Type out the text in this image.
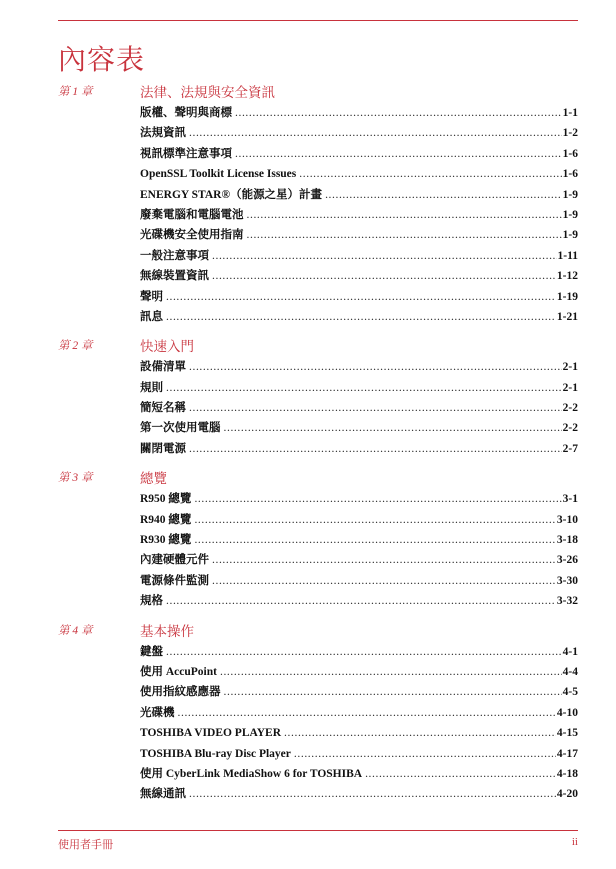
內容表
第 1 章	法律、法規與安全資訊
版權、聲明與商標 .....	1-1
法規資訊 .....	1-2
視訊標準注意事項 .....	1-6
OpenSSL Toolkit License Issues .....	1-6
ENERGY STAR®（能源之星）計畫 .....	1-9
廢棄電腦和電腦電池 .....	1-9
光碟機安全使用指南 .....	1-9
一般注意事項 .....	1-11
無線裝置資訊 .....	1-12
聲明 .....	1-19
訊息 .....	1-21
第 2 章	快速入門
設備清單 .....	2-1
規則 .....	2-1
簡短名稱 .....	2-2
第一次使用電腦 .....	2-2
關閉電源 .....	2-7
第 3 章	總覽
R950 總覽 .....	3-1
R940 總覽 .....	3-10
R930 總覽 .....	3-18
內建硬體元件 .....	3-26
電源條件監測 .....	3-30
規格 .....	3-32
第 4 章	基本操作
鍵盤 .....	4-1
使用 AccuPoint .....	4-4
使用指紋感應器 .....	4-5
光碟機 .....	4-10
TOSHIBA VIDEO PLAYER .....	4-15
TOSHIBA Blu-ray Disc Player .....	4-17
使用 CyberLink MediaShow 6 for TOSHIBA .....	4-18
無線通訊 .....	4-20
使用者手冊	ii
